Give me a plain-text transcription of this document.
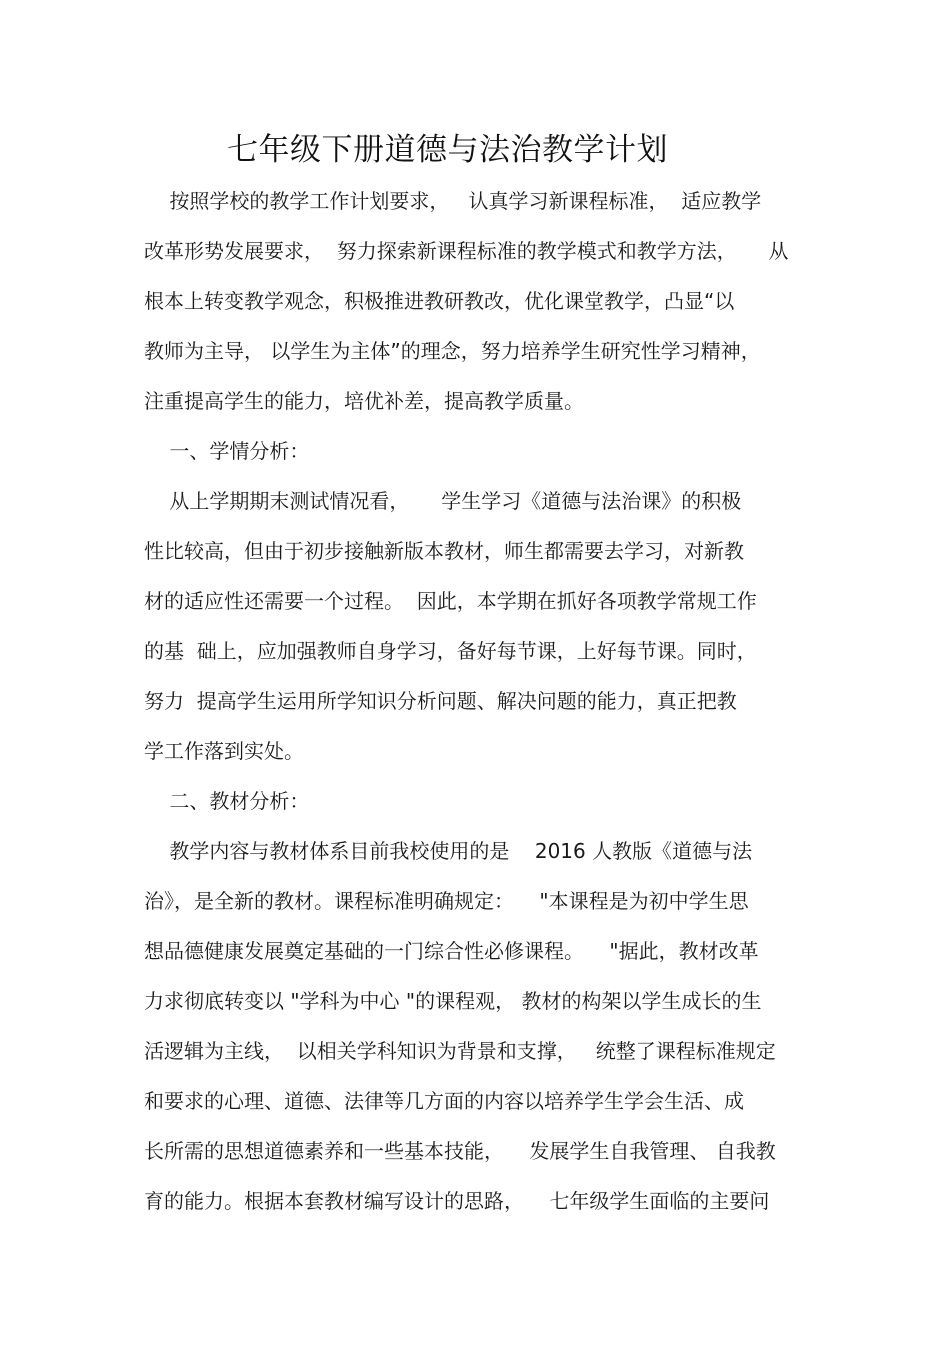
七年级下册道德与法治教学计划
按照学校的教学工作计划要求，   认真学习新课程标准，  适应教学
改革形势发展要求，  努力探索新课程标准的教学模式和教学方法，     从
根本上转变教学观念，积极推进教研教改，优化课堂教学，凸显“以
教师为主导， 以学生为主体”的理念，努力培养学生研究性学习精神，
注重提高学生的能力，培优补差，提高教学质量。
一、学情分析：
从上学期期末测试情况看，     学生学习《道德与法治课》的积极
性比较高，但由于初步接触新版本教材，师生都需要去学习，对新教
材的适应性还需要一个过程。  因此，本学期在抓好各项教学常规工作
的基  础上，应加强教师自身学习，备好每节课，上好每节课。同时，
努力  提高学生运用所学知识分析问题、解决问题的能力，真正把教
学工作落到实处。
二、教材分析：
教学内容与教材体系目前我校使用的是    2016 人教版《道德与法
治》，是全新的教材。课程标准明确规定：    "本课程是为初中学生思
想品德健康发展奠定基础的一门综合性必修课程。    "据此，教材改革
力求彻底转变以 "学科为中心 "的课程观， 教材的构架以学生成长的生
活逻辑为主线，  以相关学科知识为背景和支撑，   统整了课程标准规定
和要求的心理、道德、法律等几方面的内容以培养学生学会生活、成
长所需的思想道德素养和一些基本技能，    发展学生自我管理、 自我教
育的能力。根据本套教材编写设计的思路，    七年级学生面临的主要问
